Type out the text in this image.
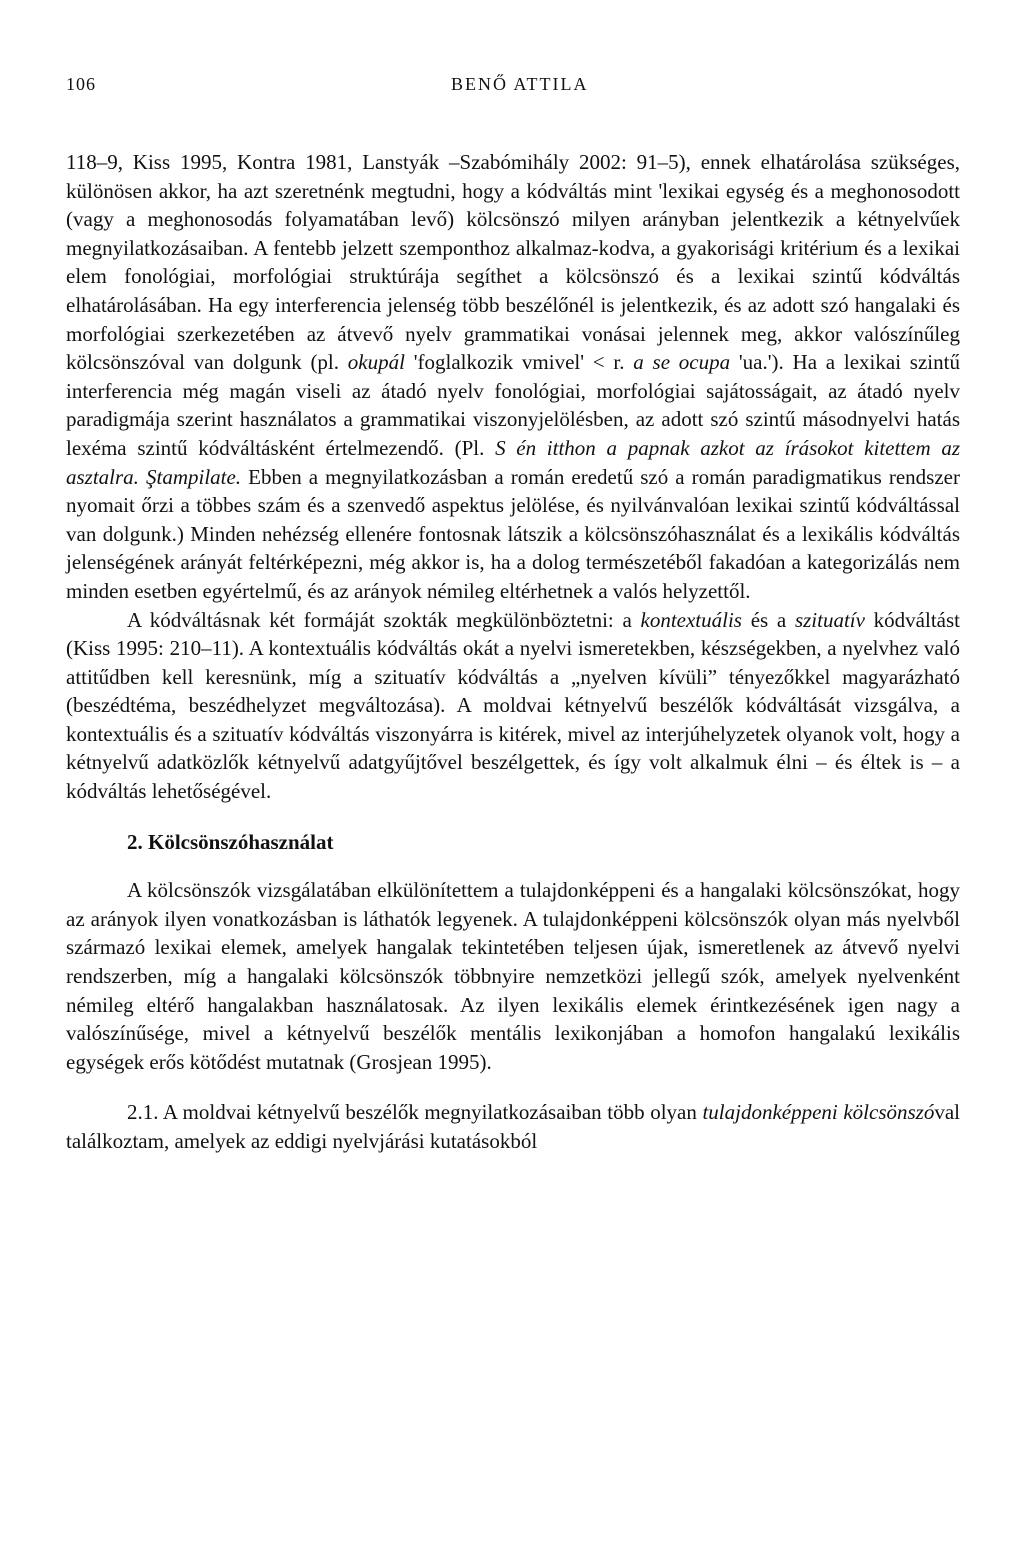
106	BENŐ ATTILA

118–9, Kiss 1995, Kontra 1981, Lanstyák –Szabómihály 2002: 91–5), ennek elhatárolása szükséges, különösen akkor, ha azt szeretnénk megtudni, hogy a kódváltás mint 'lexikai egység és a meghonosodott (vagy a meghonosodás folyamatában levő) kölcsönszó milyen arányban jelentkezik a kétnyelvűek megnyilatkozásaiban. A fentebb jelzett szemponthoz alkalmaz-kodva, a gyakorisági kritérium és a lexikai elem fonológiai, morfológiai struktúrája segíthet a kölcsönszó és a lexikai szintű kódváltás elhatárolásában. Ha egy interferencia jelenség több beszélőnél is jelentkezik, és az adott szó hangalaki és morfológiai szerkezetében az átvevő nyelv grammatikai vonásai jelennek meg, akkor valószínűleg kölcsönszóval van dolgunk (pl. okupál 'foglalkozik vmivel' < r. a se ocupa 'ua.'). Ha a lexikai szintű interferencia még magán viseli az átadó nyelv fonológiai, morfológiai sajátosságait, az átadó nyelv paradigmája szerint használatos a grammatikai viszonyjelölésben, az adott szó szintű másodnyelvi hatás lexéma szintű kódváltásként értelmezendő. (Pl. S én itthon a papnak azkot az írásokot kitettem az asztalra. Ştampilate. Ebben a megnyilatkozásban a román eredetű szó a román paradigmatikus rendszer nyomait őrzi a többes szám és a szenvedő aspektus jelölése, és nyilvánvalóan lexikai szintű kódváltással van dolgunk.) Minden nehézség ellenére fontosnak látszik a kölcsönszóhasználat és a lexikális kódváltás jelenségének arányát feltérképezni, még akkor is, ha a dolog természetéből fakadóan a kategorizálás nem minden esetben egyértelmű, és az arányok némileg eltérhetnek a valós helyzettől.

A kódváltásnak két formáját szokták megkülönböztetni: a kontextuális és a szituatív kódváltást (Kiss 1995: 210–11). A kontextuális kódváltás okát a nyelvi ismeretekben, készségekben, a nyelvhez való attitűdben kell keresnünk, míg a szituatív kódváltás a „nyelven kívüli” tényezőkkel magyarázható (beszédtéma, beszédhelyzet megváltozása). A moldvai kétnyelvű beszélők kódváltását vizsgálva, a kontextuális és a szituatív kódváltás viszonyárra is kitérek, mivel az interjúhelyzetek olyanok volt, hogy a kétnyelvű adatközlők kétnyelvű adatgyűjtővel beszélgettek, és így volt alkalmuk élni – és éltek is – a kódváltás lehetőségével.

2. Kölcsönszóhasználat

A kölcsönszók vizsgálatában elkülönítettem a tulajdonképpeni és a hangalaki kölcsönszókat, hogy az arányok ilyen vonatkozásban is láthatók legyenek. A tulajdonképpeni kölcsönszók olyan más nyelvből származó lexikai elemek, amelyek hangalak tekintetében teljesen újak, ismeretlenek az átvevő nyelvi rendszerben, míg a hangalaki kölcsönszók többnyire nemzetközi jellegű szók, amelyek nyelvenként némileg eltérő hangalakban használatosak. Az ilyen lexikális elemek érintkezésének igen nagy a valószínűsége, mivel a kétnyelvű beszélők mentális lexikonjában a homofon hangalakú lexikális egységek erős kötődést mutatnak (Grosjean 1995).

2.1. A moldvai kétnyelvű beszélők megnyilatkozásaiban több olyan tulajdonképpeni kölcsönszóval találkoztam, amelyek az eddigi nyelvjárási kutatásokból
